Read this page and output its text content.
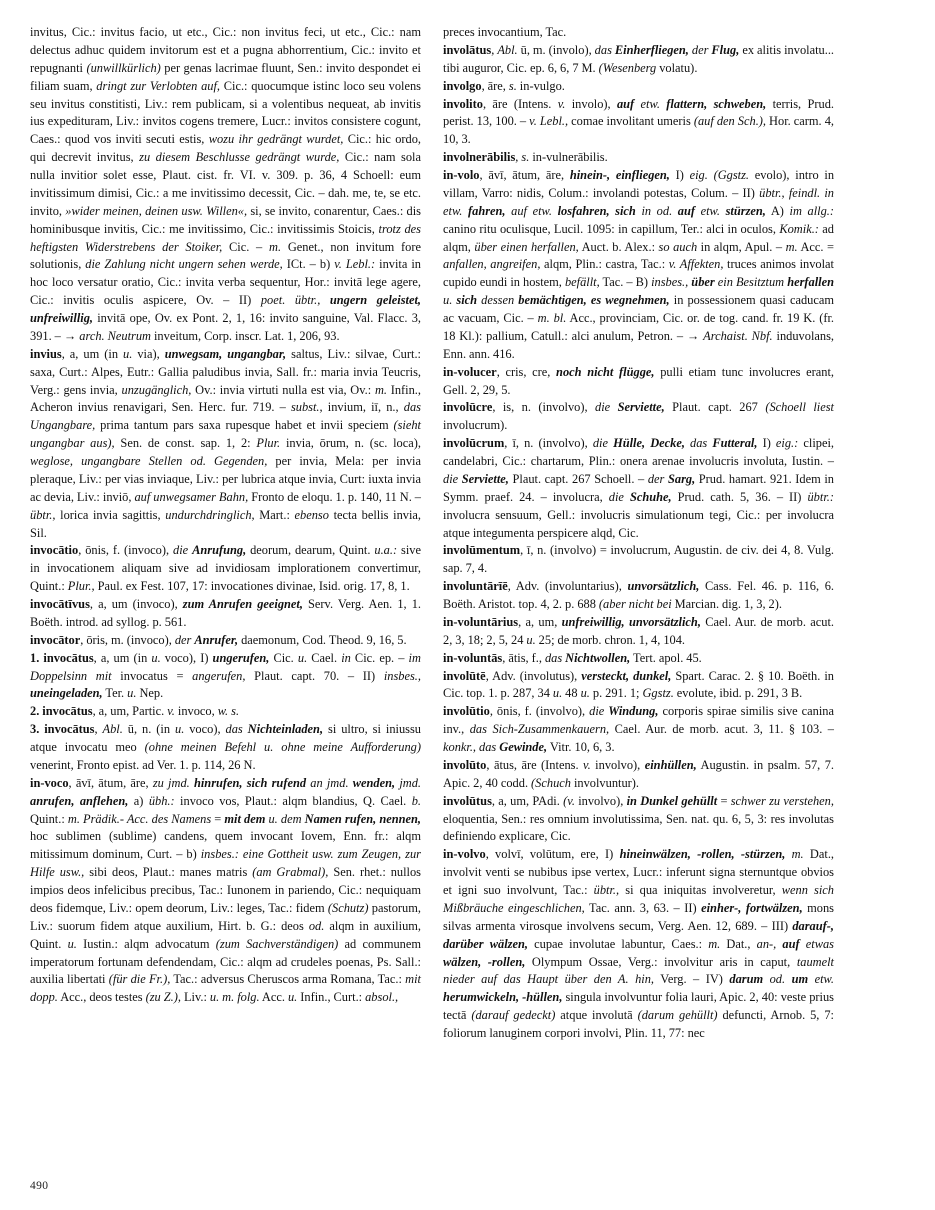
invitus, Cic.: invitus facio, ut etc., Cic.: non invitus feci, ut etc., Cic.: nam delectus adhuc quidem invitorum est et a pugna abhorrentium, Cic.: invito et repugnanti (unwillkürlich) per genas lacrimae fluunt, Sen.: invito despondet ei filiam suam, dringt zur Verlobten auf, Cic.: quocumque istinc loco seu volens seu invitus constitisti, Liv.: rem publicam, si a volentibus nequeat, ab invitis ius expedituram, Liv.: invitos cogens tremere, Lucr.: invitos consistere cogunt, Caes.: quod vos inviti secuti estis, wozu ihr gedrängt wurdet, Cic.: hic ordo, qui decrevit invitus, zu diesem Beschlusse gedrängt wurde, Cic.: nam sola nulla invitior solet esse, Plaut. cist. fr. VI. v. 309. p. 36, 4 Schoell: eum invitissimum dimisi, Cic.: a me invitissimo decessit, Cic. – dah. me, te, se etc. invito, »wider meinen, deinen usw. Willen«, si, se invito, conarentur, Caes.: dis hominibusque invitis, Cic.: me invitissimo, Cic.: invitissimis Stoicis, trotz des heftigsten Widerstrebens der Stoiker, Cic. – m. Genet., non invitum fore solutionis, die Zahlung nicht ungern sehen werde, ICt. – b) v. Lebl.: invita in hoc loco versatur oratio, Cic.: invita verba sequentur, Hor.: invitā lege agere, Cic.: invitis oculis aspicere, Ov. – II) poet. übtr., ungern geleistet, unfreiwillig, invitā ope, Ov. ex Pont. 2, 1, 16: invito sanguine, Val. Flacc. 3, 391. – → arch. Neutrum inveitum, Corp. inscr. Lat. 1, 206, 93.

invius, a, um (in u. via), unwegsam, ungangbar, saltus, Liv.: silvae, Curt.: saxa, Curt.: Alpes, Eutr.: Gallia paludibus invia, Sall. fr.: maria invia Teucris, Verg.: gens invia, unzugänglich, Ov.: invia virtuti nulla est via, Ov.: m. Infin., Acheron invius renavigari, Sen. Herc. fur. 719. – subst., invium, iī, n., das Ungangbare, prima tantum pars saxa rupesque habet et invii speciem (sieht ungangbar aus), Sen. de const. sap. 1, 2: Plur. invia, ōrum, n. (sc. loca), weglose, ungangbare Stellen od. Gegenden, per invia, Mela: per invia pleraque, Liv.: per vias inviaque, Liv.: per lubrica atque invia, Curt: iuxta invia ac devia, Liv.: inviō, auf unwegsamer Bahn, Fronto de eloqu. 1. p. 140, 11 N. – übtr., lorica invia sagittis, undurchdringlich, Mart.: ebenso tecta bellis invia, Sil.

invocātio, ōnis, f. (invoco), die Anrufung, deorum, dearum, Quint. u.a.: sive in invocationem aliquam sive ad invidiosam implorationem convertimur, Quint.: Plur., Paul. ex Fest. 107, 17: invocationes divinae, Isid. orig. 17, 8, 1.

invocātīvus, a, um (invoco), zum Anrufen geeignet, Serv. Verg. Aen. 1, 1. Boëth. introd. ad syllog. p. 561.

invocātor, ōris, m. (invoco), der Anrufer, daemonum, Cod. Theod. 9, 16, 5.

1. invocātus, a, um (in u. voco), I) ungerufen, Cic. u. Cael. in Cic. ep. – im Doppelsinn mit invocatus = angerufen, Plaut. capt. 70. – II) insbes., uneingeladen, Ter. u. Nep.

2. invocātus, a, um, Partic. v. invoco, w. s.

3. invocātus, Abl. ū, n. (in u. voco), das Nichteinladen, si ultro, si iniussu atque invocatu meo (ohne meinen Befehl u. ohne meine Aufforderung) venerint, Fronto epist. ad Ver. 1. p. 114, 26 N.

in-voco, āvī, ātum, āre, zu jmd. hinrufen, sich rufend an jmd. wenden, jmd. anrufen, anflehen, a) übh.: invoco vos, Plaut.: alqm blandius, Q. Cael. b. Quint.: m. Prädik.- Acc. des Namens = mit dem u. dem Namen rufen, nennen, hoc sublimen (sublime) candens, quem invocant Iovem, Enn. fr.: alqm mitissimum dominum, Curt. – b) insbes.: eine Gottheit usw. zum Zeugen, zur Hilfe usw., sibi deos, Plaut.: manes matris (am Grabmal), Sen. rhet.: nullos impios deos infelicibus precibus, Tac.: Iunonem in pariendo, Cic.: nequiquam deos fidemque, Liv.: opem deorum, Liv.: leges, Tac.: fidem (Schutz) pastorum, Liv.: suorum fidem atque auxilium, Hirt. b. G.: deos od. alqm in auxilium, Quint. u. Iustin.: alqm advocatum (zum Sachverständigen) ad communem imperatorum fortunam defendendam, Cic.: alqm ad crudeles poenas, Ps. Sall.: auxilia libertati (für die Fr.), Tac.: adversus Cheruscos arma Romana, Tac.: mit dopp. Acc., deos testes (zu Z.), Liv.: u. m. folg. Acc. u. Infin., Curt.: absol.,

preces invocantium, Tac.

involātus, Abl. ū, m. (involo), das Einherfliegen, der Flug, ex alitis involatu... tibi auguror, Cic. ep. 6, 6, 7 M. (Wesenberg volatu).

involgo, āre, s. in-vulgo.

involito, āre (Intens. v. involo), auf etw. flattern, schweben, terris, Prud. perist. 13, 100. – v. Lebl., comae involitant umeris (auf den Sch.), Hor. carm. 4, 10, 3.

involnerābilis, s. in-vulnerābilis.

in-volo, āvī, ātum, āre, hinein-, einfliegen, I) eig. (Ggstz. evolo), intro in villam, Varro: nidis, Colum.: involandi potestas, Colum. – II) übtr., feindl. in etw. fahren, auf etw. losfahren, sich in od. auf etw. stürzen, A) im allg.: canino ritu oculisque, Lucil. 1095: in capillum, Ter.: alci in oculos, Komik.: ad alqm, über einen herfallen, Auct. b. Alex.: so auch in alqm, Apul. – m. Acc. = anfallen, angreifen, alqm, Plin.: castra, Tac.: v. Affekten, truces animos involat cupido eundi in hostem, befällt, Tac. – B) insbes., über ein Besitztum herfallen u. sich dessen bemächtigen, es wegnehmen, in possessionem quasi caducam ac vacuam, Cic. – m. bl. Acc., provinciam, Cic. or. de tog. cand. fr. 19 K. (fr. 18 Kl.): pallium, Catull.: alci anulum, Petron. – → Archaist. Nbf. induvolans, Enn. ann. 416.

in-volucer, cris, cre, noch nicht flügge, pulli etiam tunc involucres erant, Gell. 2, 29, 5.

involūcre, is, n. (involvo), die Serviette, Plaut. capt. 267 (Schoell liest involucrum).

involūcrum, ī, n. (involvo), die Hülle, Decke, das Futteral, I) eig.: clipei, candelabri, Cic.: chartarum, Plin.: onera arenae involucris involuta, Iustin. – die Serviette, Plaut. capt. 267 Schoell. – der Sarg, Prud. hamart. 921. Idem in Symm. praef. 24. – involucra, die Schuhe, Prud. cath. 5, 36. – II) übtr.: involucra sensuum, Gell.: involucris simulationum tegi, Cic.: per involucra atque integumenta perspicere alqd, Cic.

involūmentum, ī, n. (involvo) = involucrum, Augustin. de civ. dei 4, 8. Vulg. sap. 7, 4.

involuntārīē, Adv. (involuntarius), unvorsätzlich, Cass. Fel. 46. p. 116, 6. Boëth. Aristot. top. 4, 2. p. 688 (aber nicht bei Marcian. dig. 1, 3, 2).

in-voluntārius, a, um, unfreiwillig, unvorsätzlich, Cael. Aur. de morb. acut. 2, 3, 18; 2, 5, 24 u. 25; de morb. chron. 1, 4, 104.

in-voluntās, ātis, f., das Nichtwollen, Tert. apol. 45.

involūtē, Adv. (involutus), versteckt, dunkel, Spart. Carac. 2. § 10. Boëth. in Cic. top. 1. p. 287, 34 u. 48 u. p. 291. 1; Ggstz. evolute, ibid. p. 291, 3 B.

involūtio, ōnis, f. (involvo), die Windung, corporis spirae similis sive canina inv., das Sich-Zusammenkauern, Cael. Aur. de morb. acut. 3, 11. § 103. – konkr., das Gewinde, Vitr. 10, 6, 3.

involūto, ātus, āre (Intens. v. involvo), einhüllen, Augustin. in psalm. 57, 7. Apic. 2, 40 codd. (Schuch involvuntur).

involūtus, a, um, PAdi. (v. involvo), in Dunkel gehüllt = schwer zu verstehen, eloquentia, Sen.: res omnium involutissima, Sen. nat. qu. 6, 5, 3: res involutas definiendo explicare, Cic.

in-volvo, volvī, volūtum, ere, I) hineinwälzen, -rollen, -stürzen, m. Dat., involvit venti se nubibus ipse vertex, Lucr.: inferunt signa sternuntque obvios et igni suo involvunt, Tac.: übtr., si qua iniquitas involveretur, wenn sich Mißbräuche eingeschlichen, Tac. ann. 3, 63. – II) einher-, fortwälzen, mons silvas armenta virosque involvens secum, Verg. Aen. 12, 689. – III) darauf-, darüber wälzen, cupae involutae labuntur, Caes.: m. Dat., an-, auf etwas wälzen, -rollen, Olympum Ossae, Verg.: involvitur aris in caput, taumelt nieder auf das Haupt über den A. hin, Verg. – IV) darum od. um etw. herumwickeln, -hüllen, singula involvuntur folia lauri, Apic. 2, 40: veste prius tectā (darauf gedeckt) atque involutā (darum gehüllt) defuncti, Arnob. 5, 7: foliorum lanuginem corpori involvi, Plin. 11, 77: nec

490
